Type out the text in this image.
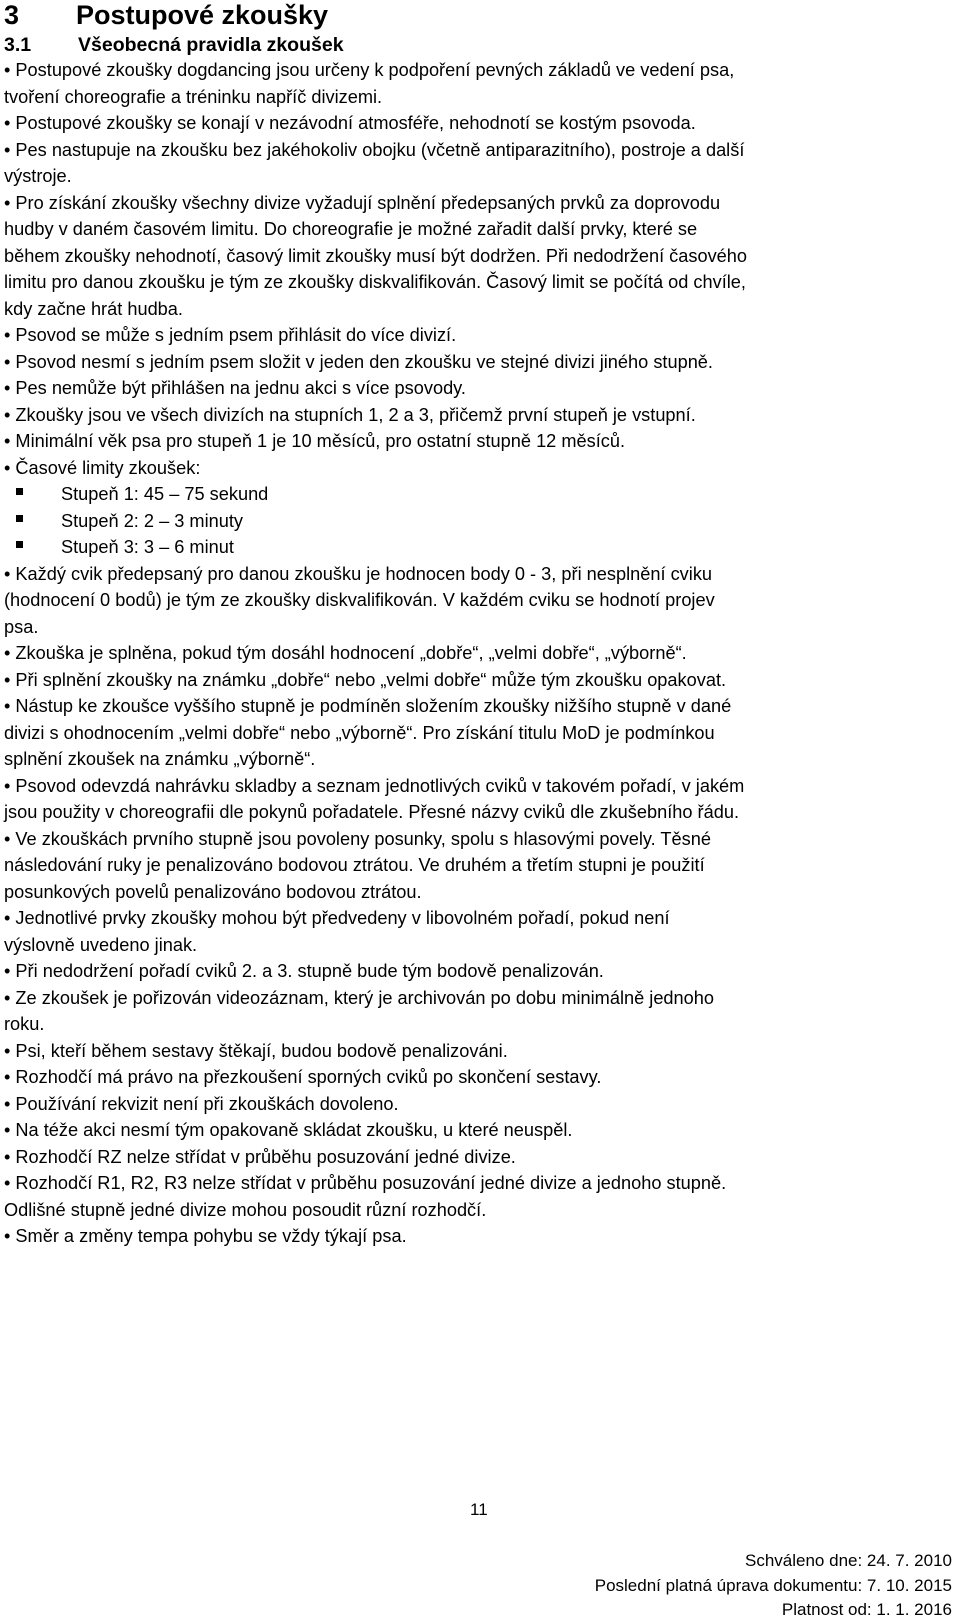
3 Postupové zkoušky
3.1 Všeobecná pravidla zkoušek
• Postupové zkoušky dogdancing jsou určeny k podpoření pevných základů ve vedení psa,
tvoření choreografie a tréninku napříč divizemi.
• Postupové zkoušky se konají v nezávodní atmosféře, nehodnotí se kostým psovoda.
• Pes nastupuje na zkoušku bez jakéhokoliv obojku (včetně antiparazitního), postroje a další
výstroje.
• Pro získání zkoušky všechny divize vyžadují splnění předepsaných prvků za doprovodu
hudby v daném časovém limitu. Do choreografie je možné zařadit další prvky, které se
během zkoušky nehodnotí, časový limit zkoušky musí být dodržen. Při nedodržení časového
limitu pro danou zkoušku je tým ze zkoušky diskvalifikován. Časový limit se počítá od chvíle,
kdy začne hrát hudba.
• Psovod se může s jedním psem přihlásit do více divizí.
• Psovod nesmí s jedním psem složit v jeden den zkoušku ve stejné divizi jiného stupně.
• Pes nemůže být přihlášen na jednu akci s více psovody.
• Zkoušky jsou ve všech divizích na stupních 1, 2 a 3, přičemž první stupeň je vstupní.
• Minimální věk psa pro stupeň 1 je 10 měsíců, pro ostatní stupně 12 měsíců.
• Časové limity zkoušek:
Stupeň 1: 45 – 75 sekund
Stupeň 2: 2 – 3 minuty
Stupeň 3: 3 – 6 minut
• Každý cvik předepsaný pro danou zkoušku je hodnocen body 0 - 3, při nesplnění cviku
(hodnocení 0 bodů) je tým ze zkoušky diskvalifikován. V každém cviku se hodnotí projev
psa.
• Zkouška je splněna, pokud tým dosáhl hodnocení „dobře“, „velmi dobře“, „výborně“.
• Při splnění zkoušky na známku „dobře“ nebo „velmi dobře“ může tým zkoušku opakovat.
• Nástup ke zkoušce vyššího stupně je podmíněn složením zkoušky nižšího stupně v dané
divizi s ohodnocením „velmi dobře“ nebo „výborně“. Pro získání titulu MoD je podmínkou
splnění zkoušek na známku „výborně“.
• Psovod odevzdá nahrávku skladby a seznam jednotlivých cviků v takovém pořadí, v jakém
jsou použity v choreografii dle pokynů pořadatele. Přesné názvy cviků dle zkušebního řádu.
• Ve zkouškách prvního stupně jsou povoleny posunky, spolu s hlasovými povely. Těsné
následování ruky je penalizováno bodovou ztrátou. Ve druhém a třetím stupni je použití
posunkových povelů penalizováno bodovou ztrátou.
• Jednotlivé prvky zkoušky mohou být předvedeny v libovolném pořadí, pokud není
výslovně uvedeno jinak.
• Při nedodržení pořadí cviků 2. a 3. stupně bude tým bodově penalizován.
• Ze zkoušek je pořizován videozáznam, který je archivován po dobu minimálně jednoho
roku.
• Psi, kteří během sestavy štěkají, budou bodově penalizováni.
• Rozhodčí má právo na přezkoušení sporných cviků po skončení sestavy.
• Používání rekvizit není při zkouškách dovoleno.
• Na téže akci nesmí tým opakovaně skládat zkoušku, u které neuspěl.
• Rozhodčí RZ nelze střídat v průběhu posuzování jedné divize.
• Rozhodčí R1, R2, R3 nelze střídat v průběhu posuzování jedné divize a jednoho stupně.
Odlišné stupně jedné divize mohou posoudit různí rozhodčí.
• Směr a změny tempa pohybu se vždy týkají psa.
11
Schváleno dne: 24. 7. 2010
Poslední platná úprava dokumentu: 7. 10. 2015
Platnost od: 1. 1. 2016
